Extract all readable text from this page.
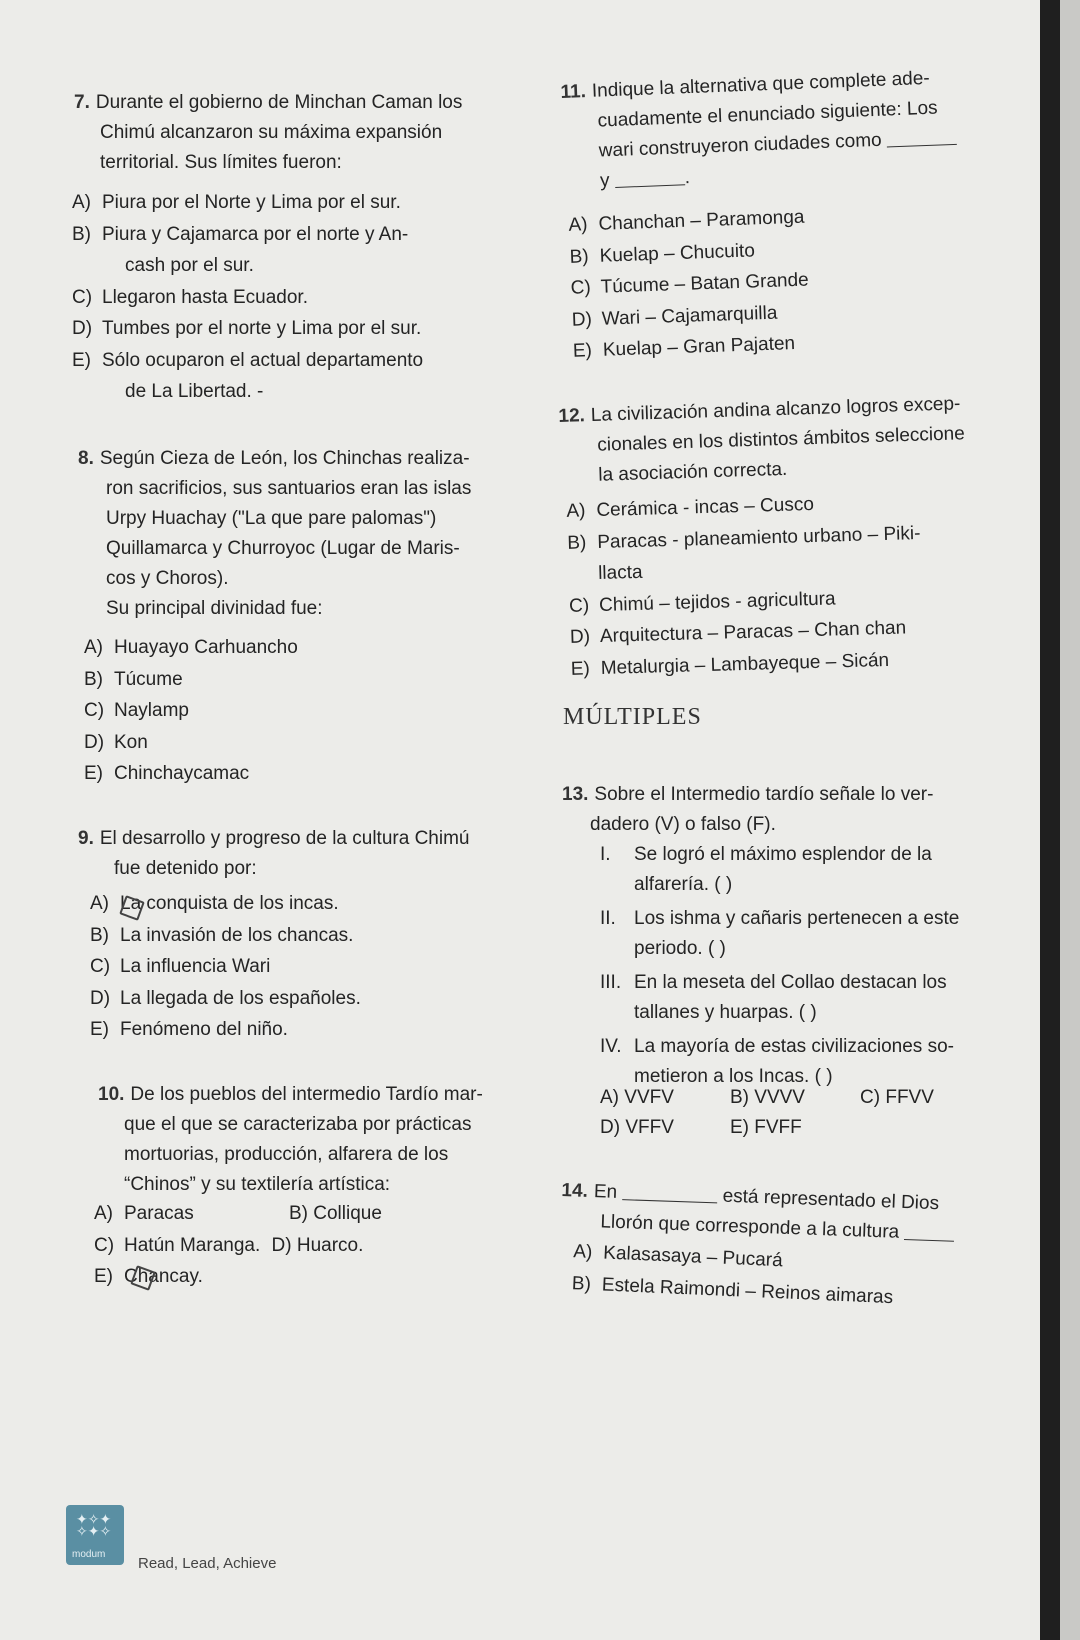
7. Durante el gobierno de Minchan Caman los
Chimú alcanzaron su máxima expansión
territorial. Sus límites fueron:
A) Piura por el Norte y Lima por el sur.
B) Piura y Cajamarca por el norte y An-
cash por el sur.
C) Llegaron hasta Ecuador.
D) Tumbes por el norte y Lima por el sur.
E) Sólo ocuparon el actual departamento
de La Libertad. -
8. Según Cieza de León, los Chinchas realiza-
ron sacrificios, sus santuarios eran las islas
Urpy Huachay ("La que pare palomas")
Quillamarca y Churroyoc (Lugar de Maris-
cos y Choros).
Su principal divinidad fue:
A) Huayayo Carhuancho
B) Túcume
C) Naylamp
D) Kon
E) Chinchaycamac
9. El desarrollo y progreso de la cultura Chimú
fue detenido por:
A) La conquista de los incas.
B) La invasión de los chancas.
C) La influencia Wari
D) La llegada de los españoles.
E) Fenómeno del niño.
10. De los pueblos del intermedio Tardío mar-
que el que se caracterizaba por prácticas
mortuorias, producción, alfarera de los
“Chinos” y su textilería artística:
A) Paracas	B) Collique
C) Hatún Maranga. D) Huarco.
E) Chancay.
11. Indique la alternativa que complete ade-
cuadamente el enunciado siguiente: Los
wari construyeron ciudades como
y	.
A) Chanchan – Paramonga
B) Kuelap – Chucuito
C) Túcume – Batan Grande
D) Wari – Cajamarquilla
E) Kuelap – Gran Pajaten
12. La civilización andina alcanzo logros excep-
cionales en los distintos ámbitos seleccione
la asociación correcta.
A) Cerámica - incas – Cusco
B) Paracas - planeamiento urbano – Piki-
llacta
C) Chimú – tejidos - agricultura
D) Arquitectura – Paracas – Chan chan
E) Metalurgia – Lambayeque – Sicán
MÚLTIPLES
13. Sobre el Intermedio tardío señale lo ver-
dadero (V) o falso (F).
I. Se logró el máximo esplendor de la
alfarería. ( )
II. Los ishma y cañaris pertenecen a este
periodo. ( )
III. En la meseta del Collao destacan los
tallanes y huarpas. ( )
IV. La mayoría de estas civilizaciones so-
metieron a los Incas. ( )
A) VVFV	B) VVVV	C) FFVV
D) VFFV	E) FVFF
14. En	está representado el Dios
Llorón que corresponde a la cultura
A) Kalasasaya – Pucará
B) Estela Raimondi – Reinos aimaras
✦✧✦
✧✦✧
modum
Read, Lead, Achieve
